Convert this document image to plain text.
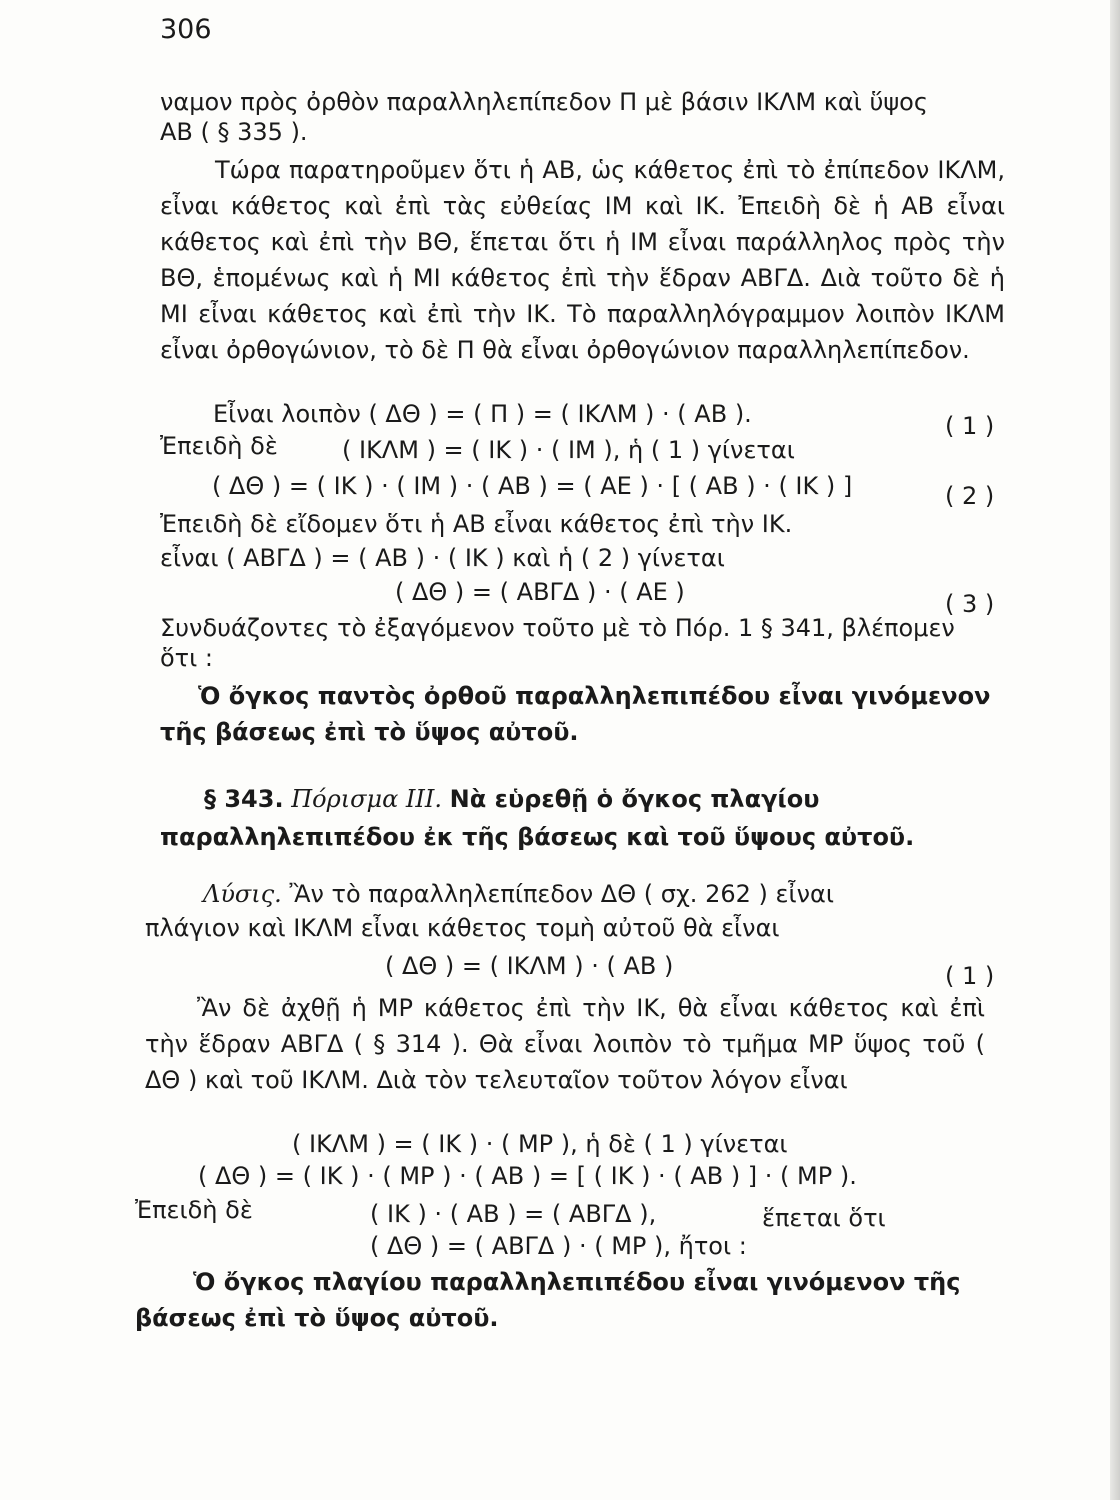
306
ναμον πρὸς ὀρθὸν παραλληλεπίπεδον Π μὲ βάσιν ΙΚΛΜ καὶ ὕψος
ΑΒ ( § 335 ).

Τώρα παρατηροῦμεν ὅτι ἡ ΑΒ, ὡς κάθετος ἐπὶ τὸ ἐπίπεδον ΙΚΛΜ, εἶναι κάθετος καὶ ἐπὶ τὰς εὐθείας ΙΜ καὶ ΙΚ. Ἐπειδὴ δὲ ἡ ΑΒ εἶναι κάθετος καὶ ἐπὶ τὴν ΒΘ, ἕπεται ὅτι ἡ ΙΜ εἶναι παράλληλος πρὸς τὴν ΒΘ, ἑπομένως καὶ ἡ ΜΙ κάθετος ἐπὶ τὴν ἕδραν ΑΒΓΔ. Διὰ τοῦτο δὲ ἡ ΜΙ εἶναι κάθετος καὶ ἐπὶ τὴν ΙΚ. Τὸ παραλληλόγραμμον λοιπὸν ΙΚΛΜ εἶναι ὀρθογώνιον, τὸ δὲ Π θὰ εἶναι ὀρθογώνιον παραλληλεπίπεδον.

Εἶναι λοιπὸν ( ΔΘ ) = ( Π ) = ( ΙΚΛΜ ) · ( ΑΒ ).	( 1 )
Ἐπειδὴ δὲ	( ΙΚΛΜ ) = ( ΙΚ ) · ( ΙΜ ), ἡ ( 1 ) γίνεται
( ΔΘ ) = ( ΙΚ ) · ( ΙΜ ) · ( ΑΒ ) = ( ΑΕ ) · [ ( ΑΒ ) · ( ΙΚ ) ]	( 2 )
Ἐπειδὴ δὲ εἴδομεν ὅτι ἡ ΑΒ εἶναι κάθετος ἐπὶ τὴν ΙΚ.
εἶναι ( ΑΒΓΔ ) = ( ΑΒ ) · ( ΙΚ ) καὶ ἡ ( 2 ) γίνεται
( ΔΘ ) = ( ΑΒΓΔ ) · ( ΑΕ )	( 3 )
Συνδυάζοντες τὸ ἐξαγόμενον τοῦτο μὲ τὸ Πόρ. 1 § 341, βλέπομεν
ὅτι :

Ὁ ὄγκος παντὸς ὀρθοῦ παραλληλεπιπέδου εἶναι γινόμενον τῆς βάσεως ἐπὶ τὸ ὕψος αὐτοῦ.

§ 343. Πόρισμα ΙΙΙ. Νὰ εὑρεθῇ ὁ ὄγκος πλαγίου παραλληλεπιπέδου ἐκ τῆς βάσεως καὶ τοῦ ὕψους αὐτοῦ.

Λύσις. Ἂν τὸ παραλληλεπίπεδον ΔΘ ( σχ. 262 ) εἶναι
πλάγιον καὶ ΙΚΛΜ εἶναι κάθετος τομὴ αὐτοῦ θὰ εἶναι
( ΔΘ ) = ( ΙΚΛΜ ) · ( ΑΒ )	( 1 )

Ἂν δὲ ἀχθῇ ἡ ΜΡ κάθετος ἐπὶ τὴν ΙΚ, θὰ εἶναι κάθετος καὶ ἐπὶ τὴν ἕδραν ΑΒΓΔ ( § 314 ). Θὰ εἶναι λοιπὸν τὸ τμῆμα ΜΡ ὕψος τοῦ ( ΔΘ ) καὶ τοῦ ΙΚΛΜ. Διὰ τὸν τελευταῖον τοῦτον λόγον εἶναι

( ΙΚΛΜ ) = ( ΙΚ ) · ( ΜΡ ), ἡ δὲ ( 1 ) γίνεται
( ΔΘ ) = ( ΙΚ ) · ( ΜΡ ) · ( ΑΒ ) = [ ( ΙΚ ) · ( ΑΒ ) ] · ( ΜΡ ).
Ἐπειδὴ δὲ	( ΙΚ ) · ( ΑΒ ) = ( ΑΒΓΔ ),	ἕπεται ὅτι
( ΔΘ ) = ( ΑΒΓΔ ) · ( ΜΡ ), ἤτοι :

Ὁ ὄγκος πλαγίου παραλληλεπιπέδου εἶναι γινόμενον τῆς βάσεως ἐπὶ τὸ ὕψος αὐτοῦ.
